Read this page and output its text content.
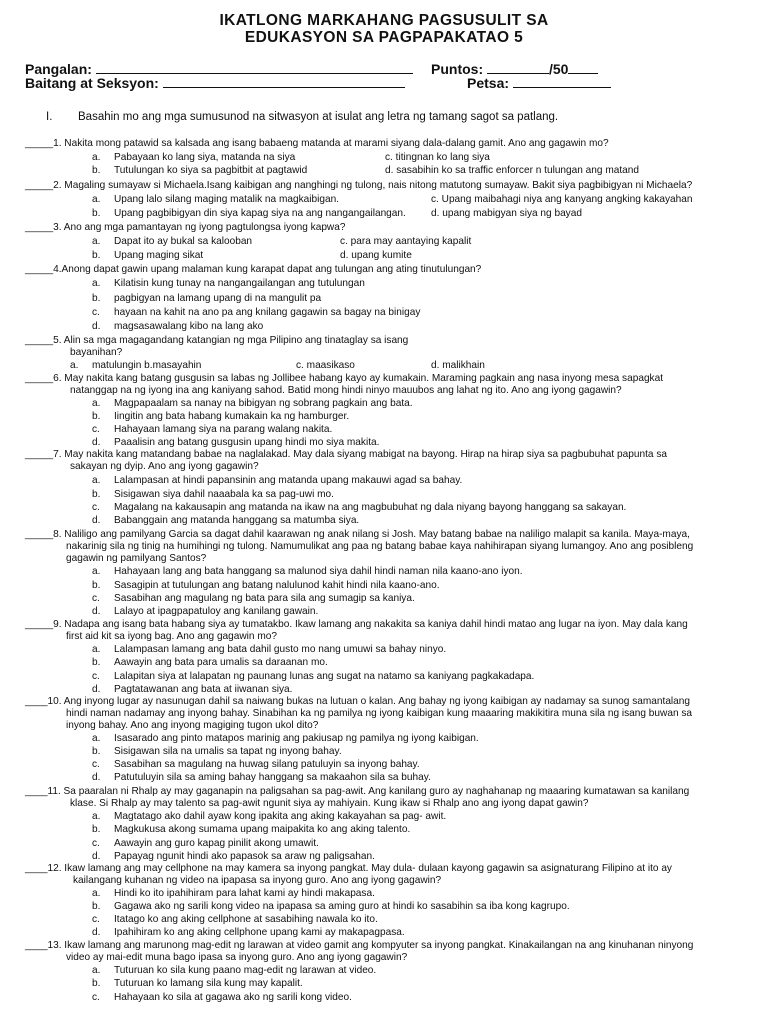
IKATLONG MARKAHANG PAGSUSULIT SA
EDUKASYON SA PAGPAPAKATAO 5
Pangalan:	Puntos:	/50
Baitang at Seksyon:	Petsa:
I. Basahin mo ang mga sumusunod na sitwasyon at isulat ang letra ng tamang sagot sa patlang.
_____1. Nakita mong patawid sa kalsada ang isang babaeng matanda at marami siyang dala-dalang gamit. Ano ang gagawin mo?
a. Pabayaan ko lang siya, matanda na siya	c. titingnan ko lang siya
b. Tutulungan ko siya sa pagbitbit at pagtawid	d. sasabihin ko sa traffic enforcer n tulungan ang matand
_____2. Magaling sumayaw si Michaela.Isang kaibigan ang nanghingi ng tulong, nais nitong matutong sumayaw. Bakit siya pagbibigyan ni Michaela?
a. Upang lalo silang maging matalik na magkaibigan.	c. Upang maibahagi niya ang kanyang angking kakayahan
b. Upang pagbibigyan din siya kapag siya na ang nangangailangan. d. upang mabigyan siya ng bayad
_____3. Ano ang mga pamantayan ng iyong pagtulongsa iyong kapwa?
a. Dapat ito ay bukal sa kalooban	c. para may aantaying kapalit
b. Upang maging sikat	d. upang kumite
_____4.Anong dapat gawin upang malaman kung karapat dapat ang tulungan ang ating tinutulungan?
a. Kilatisin kung tunay na nangangailangan ang tutulungan
b. pagbigyan na lamang upang di na mangulit pa
c. hayaan na kahit na ano pa ang knilang gagawin sa bagay na binigay
d. magsasawalang kibo na lang ako
_____5. Alin sa mga magagandang katangian ng mga Pilipino ang tinataglay sa isang
bayanihan?
a. matulungin b.masayahin	c. maasikaso	d. malikhain
_____6. May nakita kang batang gusgusin sa labas ng Jollibee habang kayo ay kumakain. Maraming pagkain ang nasa inyong mesa sapagkat
natanggap na ng iyong ina ang kaniyang sahod. Batid mong hindi ninyo mauubos ang lahat ng ito. Ano ang iyong gagawin?
a. Magpapaalam sa nanay na bibigyan ng sobrang pagkain ang bata.
b. Iingitin ang bata habang kumakain ka ng hamburger.
c. Hahayaan lamang siya na parang walang nakita.
d. Paaalisin ang batang gusgusin upang hindi mo siya makita.
_____7. May nakita kang matandang babae na naglalakad. May dala siyang mabigat na bayong. Hirap na hirap siya sa pagbubuhat papunta sa
sakayan ng dyip. Ano ang iyong gagawin?
a. Lalampasan at hindi papansinin ang matanda upang makauwi agad sa bahay.
b. Sisigawan siya dahil naaabala ka sa pag-uwi mo.
c. Magalang na kakausapin ang matanda na ikaw na ang magbubuhat ng dala niyang bayong hanggang sa sakayan.
d. Babanggain ang matanda hanggang sa matumba siya.
_____8. Naliligo ang pamilyang Garcia sa dagat dahil kaarawan ng anak nilang si Josh. May batang babae na naliligo malapit sa kanila. Maya-maya,
nakarinig sila ng tinig na humihingi ng tulong. Namumulikat ang paa ng batang babae kaya nahihirapan siyang lumangoy. Ano ang posibleng
gagawin ng pamilyang Santos?
a. Hahayaan lang ang bata hanggang sa malunod siya dahil hindi naman nila kaano-ano iyon.
b. Sasagipin at tutulungan ang batang nalulunod kahit hindi nila kaano-ano.
c. Sasabihan ang magulang ng bata para sila ang sumagip sa kaniya.
d. Lalayo at ipagpapatuloy ang kanilang gawain.
_____9. Nadapa ang isang bata habang siya ay tumatakbo. Ikaw lamang ang nakakita sa kaniya dahil hindi matao ang lugar na iyon. May dala kang
first aid kit sa iyong bag. Ano ang gagawin mo?
a. Lalampasan lamang ang bata dahil gusto mo nang umuwi sa bahay ninyo.
b. Aawayin ang bata para umalis sa daraanan mo.
c. Lalapitan siya at lalapatan ng paunang lunas ang sugat na natamo sa kaniyang pagkakadapa.
d. Pagtatawanan ang bata at iiwanan siya.
____10. Ang inyong lugar ay nasunugan dahil sa naiwang bukas na lutuan o kalan. Ang bahay ng iyong kaibigan ay nadamay sa sunog samantalang
hindi naman nadamay ang inyong bahay. Sinabihan ka ng pamilya ng iyong kaibigan kung maaaring makikitira muna sila ng isang buwan sa
inyong bahay. Ano ang inyong magiging tugon ukol dito?
a. Isasarado ang pinto matapos marinig ang pakiusap ng pamilya ng iyong kaibigan.
b. Sisigawan sila na umalis sa tapat ng inyong bahay.
c. Sasabihan sa magulang na huwag silang patuluyin sa inyong bahay.
d. Patutuluyin sila sa aming bahay hanggang sa makaahon sila sa buhay.
____11. Sa paaralan ni Rhalp ay may gaganapin na paligsahan sa pag-awit. Ang kanilang guro ay naghahanap ng maaaring kumatawan sa kanilang
klase. Si Rhalp ay may talento sa pag-awit ngunit siya ay mahiyain. Kung ikaw si Rhalp ano ang iyong dapat gawin?
a. Magtatago ako dahil ayaw kong ipakita ang aking kakayahan sa pag- awit.
b. Magkukusa akong sumama upang maipakita ko ang aking talento.
c. Aawayin ang guro kapag pinilit akong umawit.
d. Papayag ngunit hindi ako papasok sa araw ng paligsahan.
____12. Ikaw lamang ang may cellphone na may kamera sa inyong pangkat. May dula- dulaan kayong gagawin sa asignaturang Filipino at ito ay
kailangang kuhanan ng video na ipapasa sa inyong guro. Ano ang iyong gagawin?
a. Hindi ko ito ipahihiram para lahat kami ay hindi makapasa.
b. Gagawa ako ng sarili kong video na ipapasa sa aming guro at hindi ko sasabihin sa iba kong kagrupo.
c. Itatago ko ang aking cellphone at sasabihing nawala ko ito.
d. Ipahihiram ko ang aking cellphone upang kami ay makapagpasa.
____13. Ikaw lamang ang marunong mag-edit ng larawan at video gamit ang kompyuter sa inyong pangkat. Kinakailangan na ang kinuhanan ninyong
video ay mai-edit muna bago ipasa sa inyong guro. Ano ang iyong gagawin?
a. Tuturuan ko sila kung paano mag-edit ng larawan at video.
b. Tuturuan ko lamang sila kung may kapalit.
c. Hahayaan ko sila at gagawa ako ng sarili kong video.
